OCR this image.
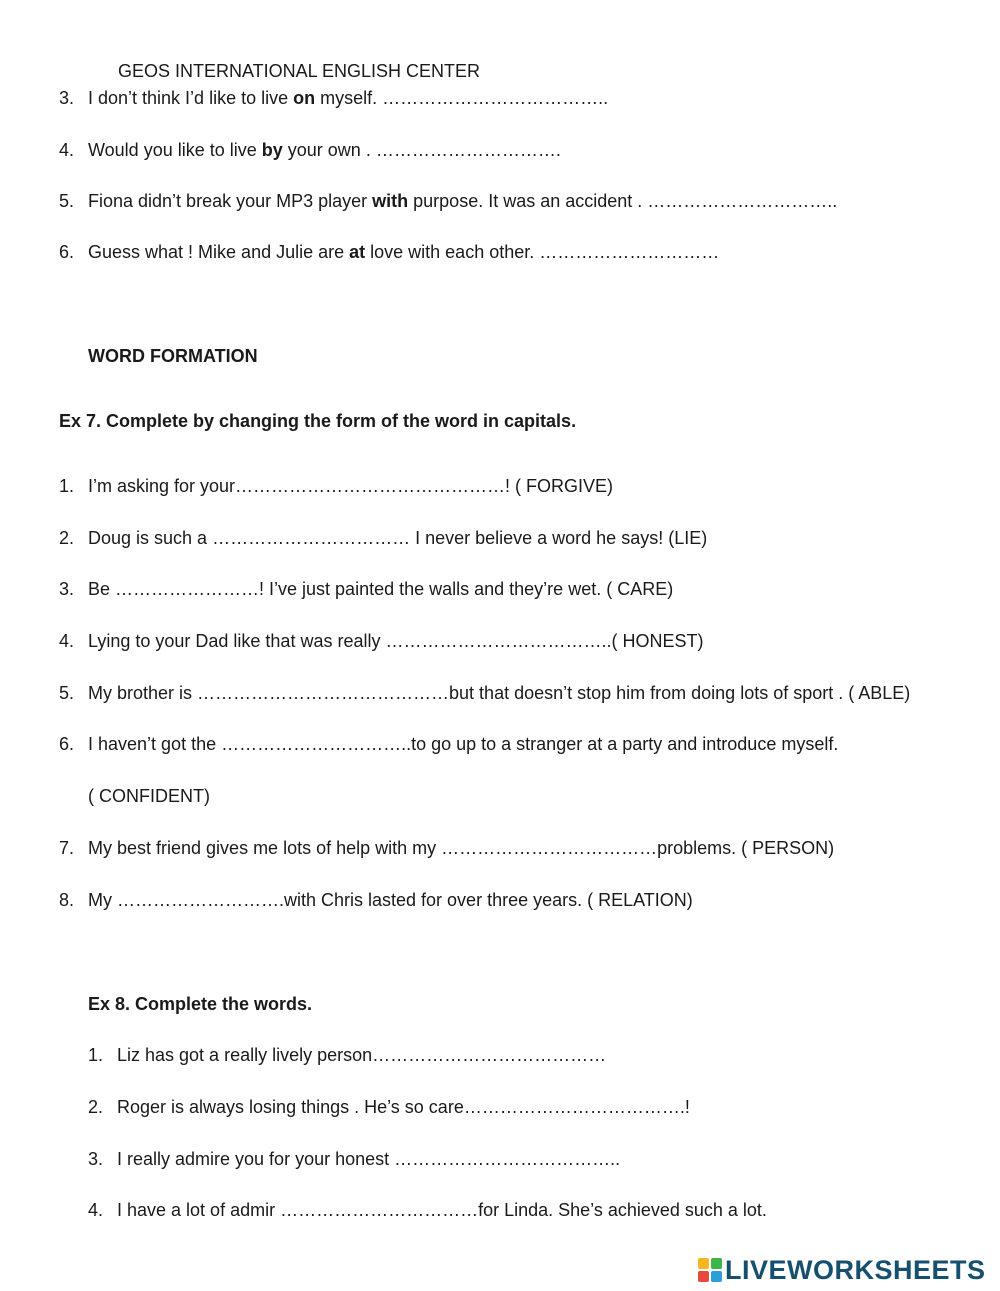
GEOS INTERNATIONAL ENGLISH CENTER
3. I don’t think I’d like to live on myself. ………………………………..
4. Would you like to live by your own . ………………………….
5. Fiona didn’t break your MP3 player with purpose. It was an accident . …………………………..
6. Guess what ! Mike and Julie are at love with each other. …………………………
WORD FORMATION
Ex 7. Complete by changing the form of the word in capitals.
1. I’m asking for your………………………………………! ( FORGIVE)
2. Doug is such a …………………………… I never believe a word he says! (LIE)
3. Be ……………………! I’ve just painted the walls and they’re wet. ( CARE)
4. Lying to your Dad like that was really ………………………………..( HONEST)
5. My brother is ……………………………………but that doesn’t stop him from doing lots of sport . ( ABLE)
6. I haven’t got the …………………………..to go up to a stranger at a party and introduce myself.
( CONFIDENT)
7. My best friend gives me lots of help with my ………………………………problems. ( PERSON)
8. My ……………………….with Chris lasted for over three years. ( RELATION)
Ex 8. Complete the words.
1. Liz has got a really lively person…………………………………
2. Roger is always losing things . He’s so care……………………………….!
3. I really admire you for your honest ………………………………..
4. I have a lot of admir ……………………………for Linda. She’s achieved such a lot.
LIVEWORKSHEETS
